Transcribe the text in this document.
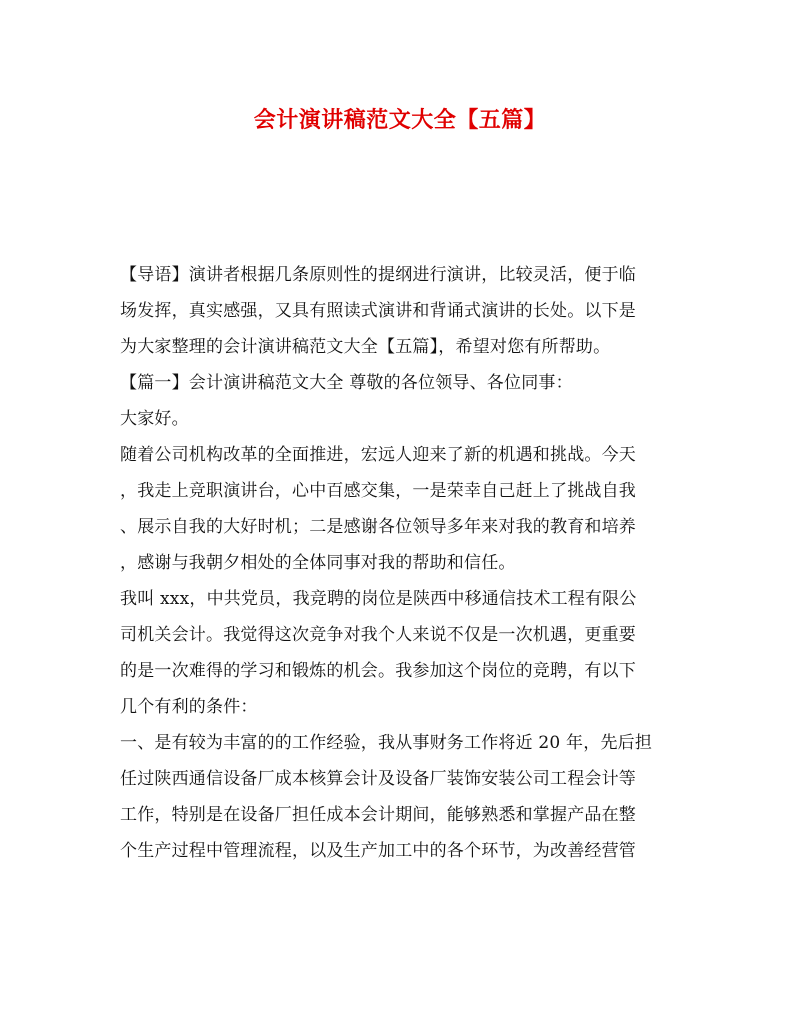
会计演讲稿范文大全【五篇】
【导语】演讲者根据几条原则性的提纲进行演讲，比较灵活，便于临
场发挥，真实感强，又具有照读式演讲和背诵式演讲的长处。以下是
为大家整理的会计演讲稿范文大全【五篇】，希望对您有所帮助。
【篇一】会计演讲稿范文大全 尊敬的各位领导、各位同事：
大家好。
随着公司机构改革的全面推进，宏远人迎来了新的机遇和挑战。今天
，我走上竞职演讲台，心中百感交集，一是荣幸自己赶上了挑战自我
、展示自我的大好时机；二是感谢各位领导多年来对我的教育和培养
，感谢与我朝夕相处的全体同事对我的帮助和信任。
我叫 xxx，中共党员，我竞聘的岗位是陕西中移通信技术工程有限公
司机关会计。我觉得这次竞争对我个人来说不仅是一次机遇，更重要
的是一次难得的学习和锻炼的机会。我参加这个岗位的竞聘，有以下
几个有利的条件：
一、是有较为丰富的的工作经验，我从事财务工作将近 20 年，先后担
任过陕西通信设备厂成本核算会计及设备厂装饰安装公司工程会计等
工作，特别是在设备厂担任成本会计期间，能够熟悉和掌握产品在整
个生产过程中管理流程，以及生产加工中的各个环节，为改善经营管
